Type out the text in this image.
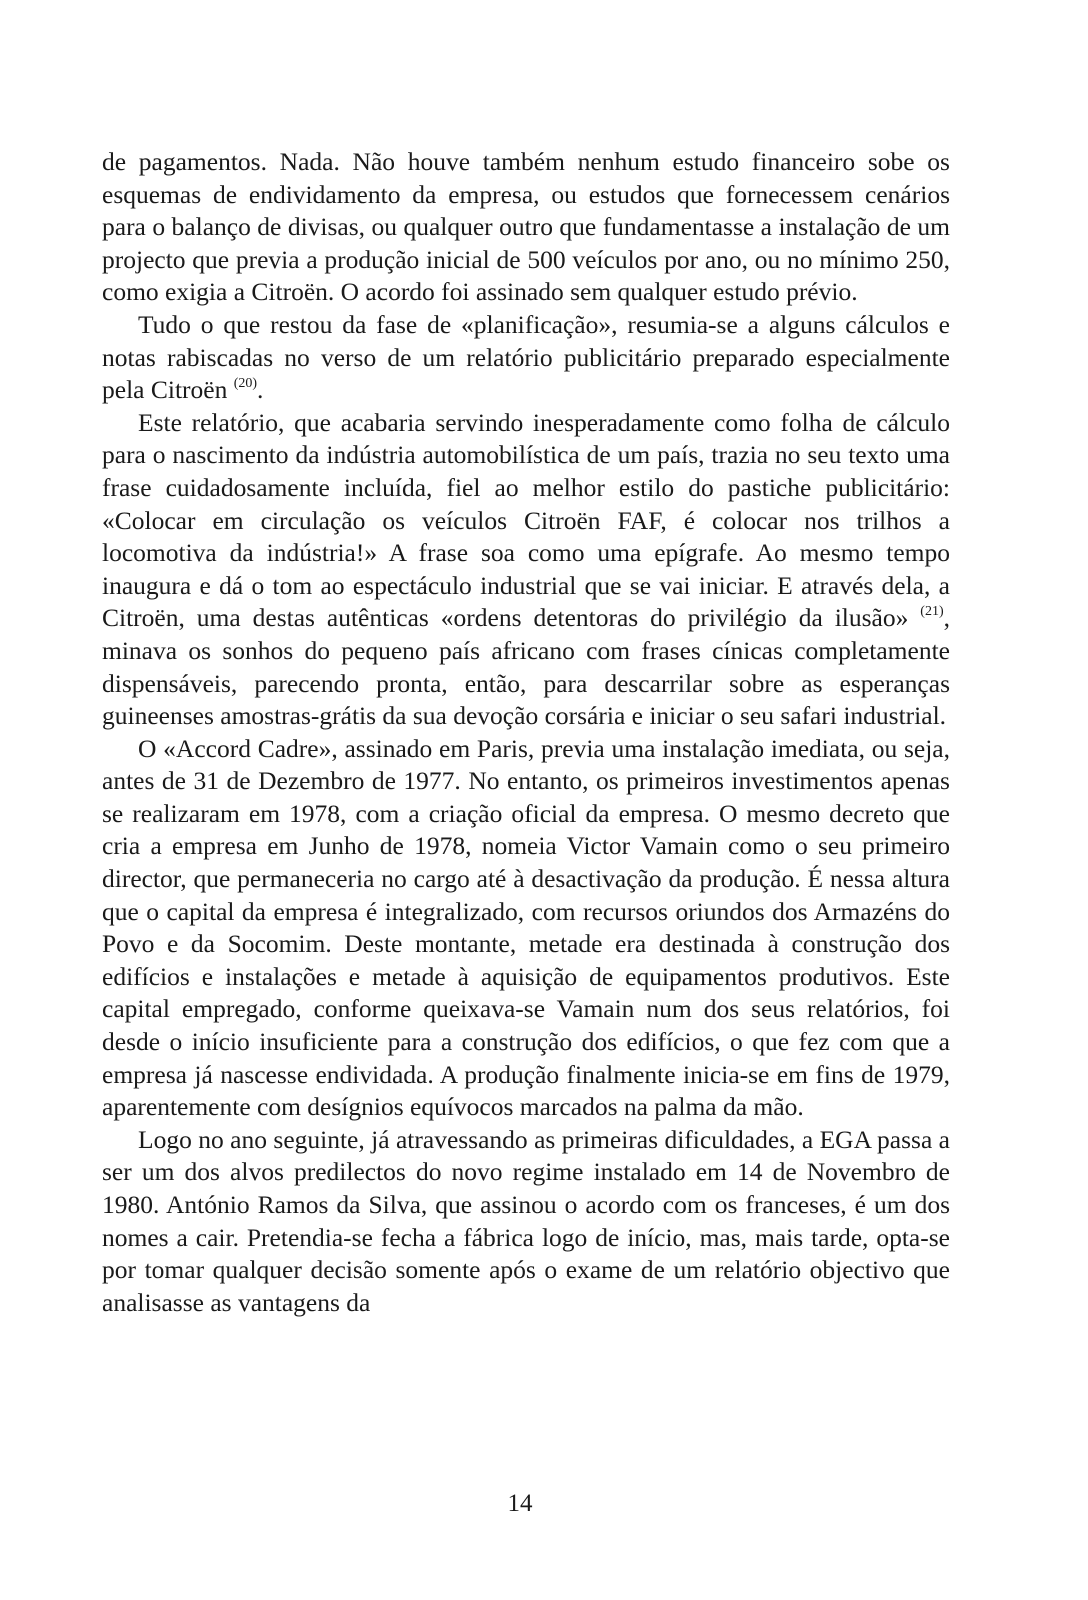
de pagamentos. Nada. Não houve também nenhum estudo financeiro sobe os esquemas de endividamento da empresa, ou estudos que fornecessem cenários para o balanço de divisas, ou qualquer outro que fundamentasse a instalação de um projecto que previa a produção inicial de 500 veículos por ano, ou no mínimo 250, como exigia a Citroën. O acordo foi assinado sem qualquer estudo prévio.

Tudo o que restou da fase de «planificação», resumia-se a alguns cálculos e notas rabiscadas no verso de um relatório publicitário preparado especialmente pela Citroën $^{(20)}$.

Este relatório, que acabaria servindo inesperadamente como folha de cálculo para o nascimento da indústria automobilística de um país, trazia no seu texto uma frase cuidadosamente incluída, fiel ao melhor estilo do pastiche publicitário: «Colocar em circulação os veículos Citroën FAF, é colocar nos trilhos a locomotiva da indústria!» A frase soa como uma epígrafe. Ao mesmo tempo inaugura e dá o tom ao espectáculo industrial que se vai iniciar. E através dela, a Citroën, uma destas autênticas «ordens detentoras do privilégio da ilusão» $^{(21)}$, minava os sonhos do pequeno país africano com frases cínicas completamente dispensáveis, parecendo pronta, então, para descarrilar sobre as esperanças guineenses amostras-grátis da sua devoção corsária e iniciar o seu safari industrial.

O «Accord Cadre», assinado em Paris, previa uma instalação imediata, ou seja, antes de 31 de Dezembro de 1977. No entanto, os primeiros investimentos apenas se realizaram em 1978, com a criação oficial da empresa. O mesmo decreto que cria a empresa em Junho de 1978, nomeia Victor Vamain como o seu primeiro director, que permaneceria no cargo até à desactivação da produção. É nessa altura que o capital da empresa é integralizado, com recursos oriundos dos Armazéns do Povo e da Socomim. Deste montante, metade era destinada à construção dos edifícios e instalações e metade à aquisição de equipamentos produtivos. Este capital empregado, conforme queixava-se Vamain num dos seus relatórios, foi desde o início insuficiente para a construção dos edifícios, o que fez com que a empresa já nascesse endividada. A produção finalmente inicia-se em fins de 1979, aparentemente com desígnios equívocos marcados na palma da mão.

Logo no ano seguinte, já atravessando as primeiras dificuldades, a EGA passa a ser um dos alvos predilectos do novo regime instalado em 14 de Novembro de 1980. António Ramos da Silva, que assinou o acordo com os franceses, é um dos nomes a cair. Pretendia-se fecha a fábrica logo de início, mas, mais tarde, opta-se por tomar qualquer decisão somente após o exame de um relatório objectivo que analisasse as vantagens da

14
